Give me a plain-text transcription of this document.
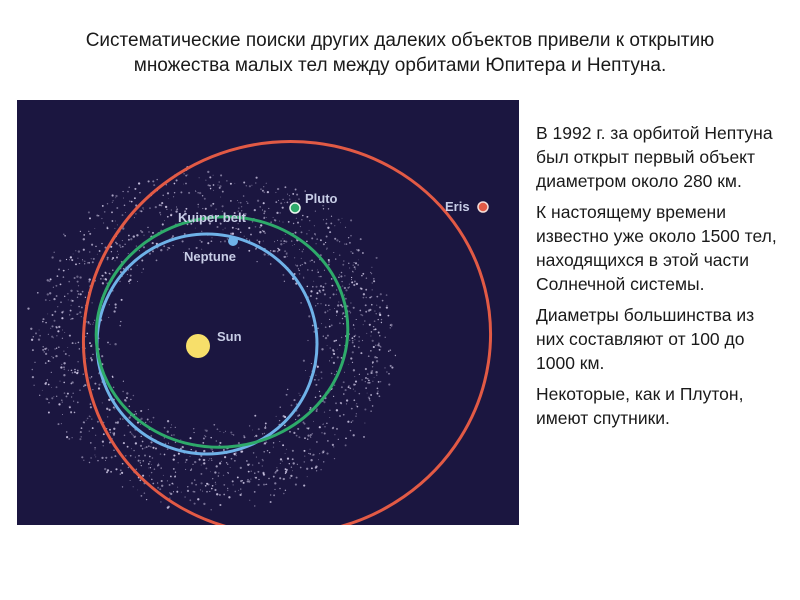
Систематические поиски других далеких объектов привели к открытию
множества малых тел между орбитами Юпитера и Нептуна.
Sun
Neptune
Kuiper belt
Pluto
Eris

В 1992 г. за орбитой Нептуна был открыт первый объект диаметром около 280 км.

К настоящему времени известно уже около 1500 тел, находящихся в этой части Солнечной системы.

Диаметры большинства из них составляют от 100 до 1000 км.

Некоторые, как и Плутон, имеют спутники.
